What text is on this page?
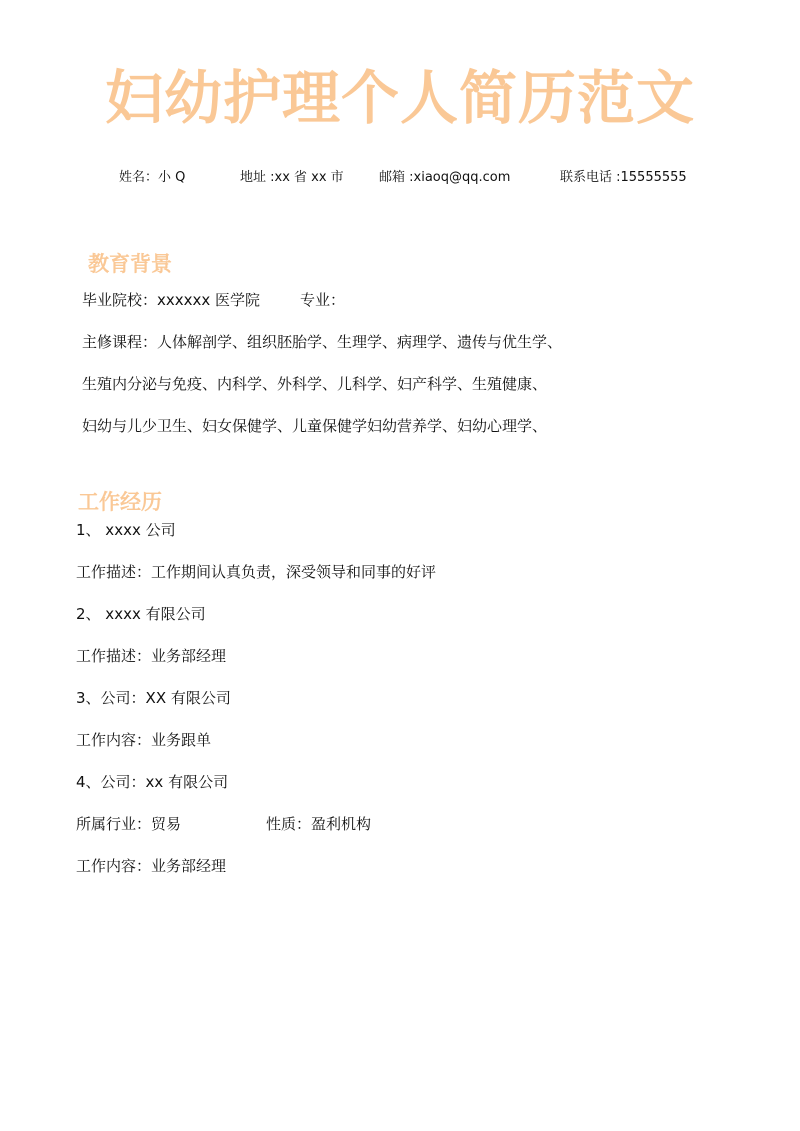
妇幼护理个人简历范文
姓名：小 Q	地址 :xx 省 xx 市	邮箱 :xiaoq@qq.com	联系电话 :15555555
教育背景
毕业院校：xxxxxx 医学院	专业：
主修课程：人体解剖学、组织胚胎学、生理学、病理学、遗传与优生学、
生殖内分泌与免疫、内科学、外科学、儿科学、妇产科学、生殖健康、
妇幼与儿少卫生、妇女保健学、儿童保健学妇幼营养学、妇幼心理学、
工作经历
1、 xxxx 公司
工作描述：工作期间认真负责，深受领导和同事的好评
2、 xxxx 有限公司
工作描述：业务部经理
3、公司：XX 有限公司
工作内容：业务跟单
4、公司：xx 有限公司
所属行业：贸易	性质：盈利机构
工作内容：业务部经理
